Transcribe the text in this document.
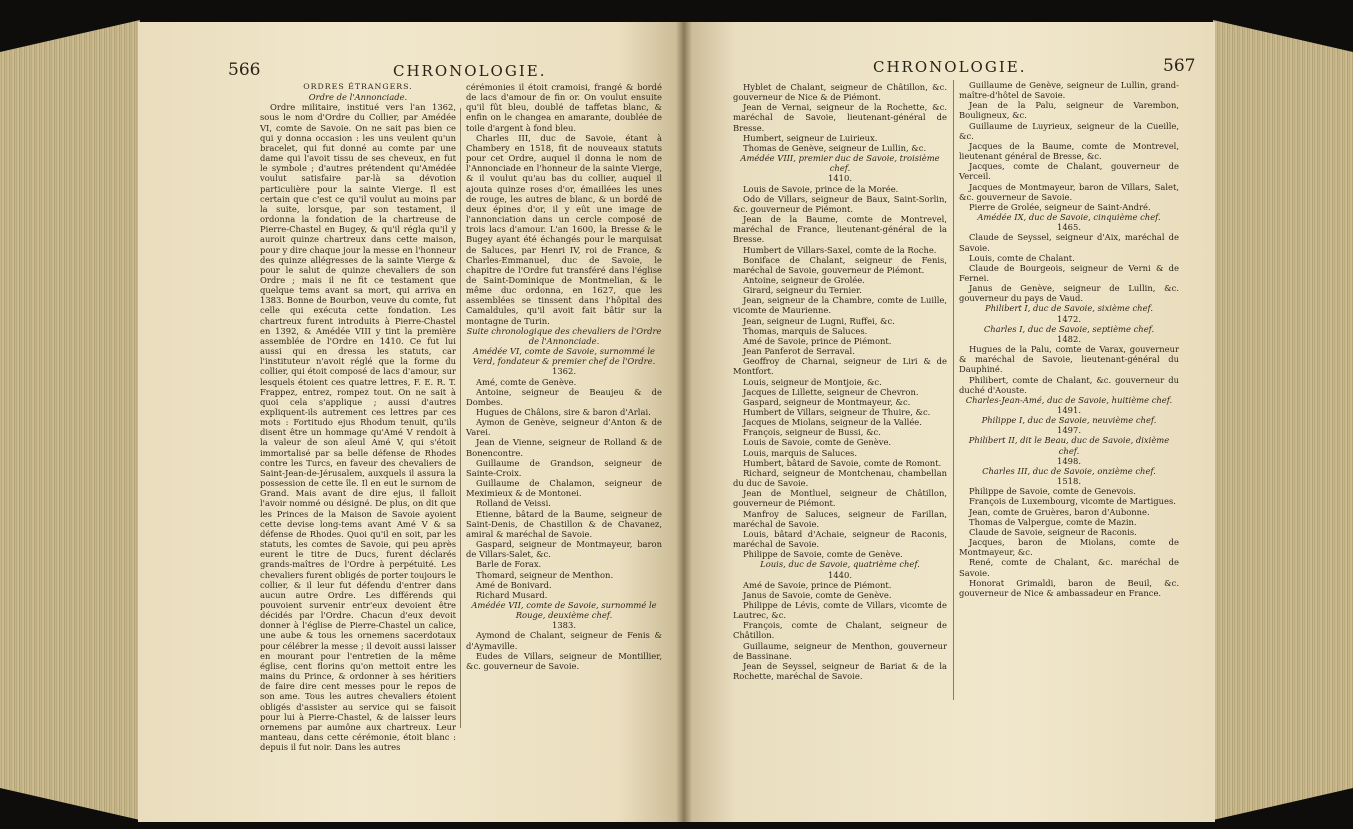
566	CHRONOLOGIE.

ORDRES ÉTRANGERS.

Ordre de l'Annonciade.

Ordre militaire, institué vers l'an 1362, sous le nom d'Ordre du Collier, par Amédée VI, comte de Savoie. On ne sait pas bien ce qui y donna occasion : les uns veulent qu'un bracelet, qui fut donné au comte par une dame qui l'avoit tissu de ses cheveux, en fut le symbole ; d'autres prétendent qu'Amédée voulut satisfaire par-là sa dévotion particulière pour la sainte Vierge. Il est certain que c'est ce qu'il voulut au moins par la suite, lorsque, par son testament, il ordonna la fondation de la chartreuse de Pierre-Chastel en Bugey, & qu'il régla qu'il y auroit quinze chartreux dans cette maison, pour y dire chaque jour la messe en l'honneur des quinze allégresses de la sainte Vierge & pour le salut de quinze chevaliers de son Ordre ; mais il ne fit ce testament que quelque tems avant sa mort, qui arriva en 1383. Bonne de Bourbon, veuve du comte, fut celle qui exécuta cette fondation. Les chartreux furent introduits à Pierre-Chastel en 1392, & Amédée VIII y tint la première assemblée de l'Ordre en 1410. Ce fut lui aussi qui en dressa les statuts, car l'instituteur n'avoit réglé que la forme du collier, qui étoit composé de lacs d'amour, sur lesquels étoient ces quatre lettres, F. E. R. T. Frappez, entrez, rompez tout. On ne sait à quoi cela s'applique ; aussi d'autres expliquent-ils autrement ces lettres par ces mots : Fortitudo ejus Rhodum tenuit, qu'ils disent être un hommage qu'Amé V rendoit à la valeur de son aïeul Amé V, qui s'étoit immortalisé par sa belle défense de Rhodes contre les Turcs, en faveur des chevaliers de Saint-Jean-de-Jérusalem, auxquels il assura la possession de cette île. Il en eut le surnom de Grand. Mais avant de dire ejus, il falloit l'avoir nommé ou désigné. De plus, on dit que les Princes de la Maison de Savoie ayoient cette devise long-tems avant Amé V & sa défense de Rhodes. Quoi qu'il en soit, par les statuts, les comtes de Savoie, qui peu après eurent le titre de Ducs, furent déclarés grands-maîtres de l'Ordre à perpétuité. Les chevaliers furent obligés de porter toujours le collier, & il leur fut défendu d'entrer dans aucun autre Ordre. Les différends qui pouvoient survenir entr'eux devoient être décidés par l'Ordre. Chacun d'eux devoit donner à l'église de Pierre-Chastel un calice, une aube & tous les ornemens sacerdotaux pour célébrer la messe ; il devoit aussi laisser en mourant pour l'entretien de la même église, cent florins qu'on mettoit entre les mains du Prince, & ordonner à ses héritiers de faire dire cent messes pour le repos de son ame. Tous les autres chevaliers étoient obligés d'assister au service qui se faisoit pour lui à Pierre-Chastel, & de laisser leurs ornemens par aumône aux chartreux. Leur manteau, dans cette cérémonie, étoit blanc : depuis il fut noir. Dans les autres

cérémonies il étoit cramoisi, frangé & bordé de lacs d'amour de fin or. On voulut ensuite qu'il fût bleu, doublé de taffetas blanc, & enfin on le changea en amarante, doublée de toile d'argent à fond bleu.

Charles III, duc de Savoie, étant à Chambery en 1518, fit de nouveaux statuts pour cet Ordre, auquel il donna le nom de l'Annonciade en l'honneur de la sainte Vierge, & il voulut qu'au bas du collier, auquel il ajouta quinze roses d'or, émaillées les unes de rouge, les autres de blanc, & un bordé de deux épines d'or, il y eût une image de l'annonciation dans un cercle composé de trois lacs d'amour. L'an 1600, la Bresse & le Bugey ayant été échangés pour le marquisat de Saluces, par Henri IV, roi de France, & Charles-Emmanuel, duc de Savoie, le chapitre de l'Ordre fut transféré dans l'église de Saint-Dominique de Montmelian, & le même duc ordonna, en 1627, que les assemblées se tinssent dans l'hôpital des Camaldules, qu'il avoit fait bâtir sur la montagne de Turin.

Suite chronologique des chevaliers de l'Ordre de l'Annonciade.

Amédée VI, comte de Savoie, surnommé le Verd, fondateur & premier chef de l'Ordre.

1362.

Amé, comte de Genève.

Antoine, seigneur de Beaujeu & de Dombes.

Hugues de Châlons, sire & baron d'Arlai.

Aymon de Genève, seigneur d'Anton & de Varei.

Jean de Vienne, seigneur de Rolland & de Bonencontre.

Guillaume de Grandson, seigneur de Sainte-Croix.

Guillaume de Chalamon, seigneur de Meximieux & de Montonei.

Rolland de Veissi.

Etienne, bâtard de la Baume, seigneur de Saint-Denis, de Chastillon & de Chavanez, amiral & maréchal de Savoie.

Gaspard, seigneur de Montmayeur, baron de Villars-Salet, &c.

Barle de Forax.

Thomard, seigneur de Menthon.

Amé de Bonivard.

Richard Musard.

Amédée VII, comte de Savoie, surnommé le Rouge, deuxième chef.

1383.

Aymond de Chalant, seigneur de Fenis & d'Aymaville.

Eudes de Villars, seigneur de Montillier, &c. gouverneur de Savoie.

CHRONOLOGIE.	567

Hyblet de Chalant, seigneur de Châtillon, &c. gouverneur de Nice & de Piémont.

Jean de Vernai, seigneur de la Rochette, &c. maréchal de Savoie, lieutenant-général de Bresse.

Humbert, seigneur de Luirieux.

Thomas de Genève, seigneur de Lullin, &c.

Amédée VIII, premier duc de Savoie, troisième chef.

1410.

Louis de Savoie, prince de la Morée.

Odo de Villars, seigneur de Baux, Saint-Sorlin, &c. gouverneur de Piémont.

Jean de la Baume, comte de Montrevel, maréchal de France, lieutenant-général de la Bresse.

Humbert de Villars-Saxel, comte de la Roche.

Boniface de Chalant, seigneur de Fenis, maréchal de Savoie, gouverneur de Piémont.

Antoine, seigneur de Grolée.

Girard, seigneur du Ternier.

Jean, seigneur de la Chambre, comte de Luille, vicomte de Maurienne.

Jean, seigneur de Lugni, Ruffei, &c.

Thomas, marquis de Saluces.

Amé de Savoie, prince de Piémont.

Jean Panferot de Serraval.

Geoffroy de Charnai, seigneur de Liri & de Montfort.

Louis, seigneur de Montjoie, &c.

Jacques de Lillette, seigneur de Chevron.

Gaspard, seigneur de Montmayeur, &c.

Humbert de Villars, seigneur de Thuire, &c.

Jacques de Miolans, seigneur de la Vallée.

François, seigneur de Bussi, &c.

Louis de Savoie, comte de Genève.

Louis, marquis de Saluces.

Humbert, bâtard de Savoie, comte de Romont.

Richard, seigneur de Montchenau, chambellan du duc de Savoie.

Jean de Montluel, seigneur de Châtillon, gouverneur de Piémont.

Manfroy de Saluces, seigneur de Farillan, maréchal de Savoie.

Louis, bâtard d'Achaie, seigneur de Raconis, maréchal de Savoie.

Philippe de Savoie, comte de Genève.

Louis, duc de Savoie, quatrième chef.

1440.

Amé de Savoie, prince de Piémont.

Janus de Savoie, comte de Genève.

Philippe de Lévis, comte de Villars, vicomte de Lautrec, &c.

François, comte de Chalant, seigneur de Châtillon.

Guillaume, seigneur de Menthon, gouverneur de Bassinane.

Jean de Seyssel, seigneur de Bariat & de la Rochette, maréchal de Savoie.

Guillaume de Genève, seigneur de Lullin, grand-maître-d'hôtel de Savoie.

Jean de la Palu, seigneur de Varembon, Bouligneux, &c.

Guillaume de Luyrieux, seigneur de la Cueille, &c.

Jacques de la Baume, comte de Montrevel, lieutenant général de Bresse, &c.

Jacques, comte de Chalant, gouverneur de Verceil.

Jacques de Montmayeur, baron de Villars, Salet, &c. gouverneur de Savoie.

Pierre de Grolée, seigneur de Saint-André.

Amédée IX, duc de Savoie, cinquième chef.

1465.

Claude de Seyssel, seigneur d'Aix, maréchal de Savoie.

Louis, comte de Chalant.

Claude de Bourgeois, seigneur de Verni & de Fernei.

Janus de Genève, seigneur de Lullin, &c. gouverneur du pays de Vaud.

Philibert I, duc de Savoie, sixième chef.

1472.

Charles I, duc de Savoie, septième chef.

1482.

Hugues de la Palu, comte de Varax, gouverneur & maréchal de Savoie, lieutenant-général du Dauphiné.

Philibert, comte de Chalant, &c. gouverneur du duché d'Aouste.

Charles-Jean-Amé, duc de Savoie, huitième chef.

1491.

Philippe I, duc de Savoie, neuvième chef.

1497.

Philibert II, dit le Beau, duc de Savoie, dixième chef.

1498.

Charles III, duc de Savoie, onzième chef.

1518.

Philippe de Savoie, comte de Genevois.

François de Luxembourg, vicomte de Martigues.

Jean, comte de Gruères, baron d'Aubonne.

Thomas de Valpergue, comte de Mazin.

Claude de Savoie, seigneur de Raconis.

Jacques, baron de Miolans, comte de Montmayeur, &c.

René, comte de Chalant, &c. maréchal de Savoie.

Honorat Grimaldi, baron de Beuil, &c. gouverneur de Nice & ambassadeur en France.
